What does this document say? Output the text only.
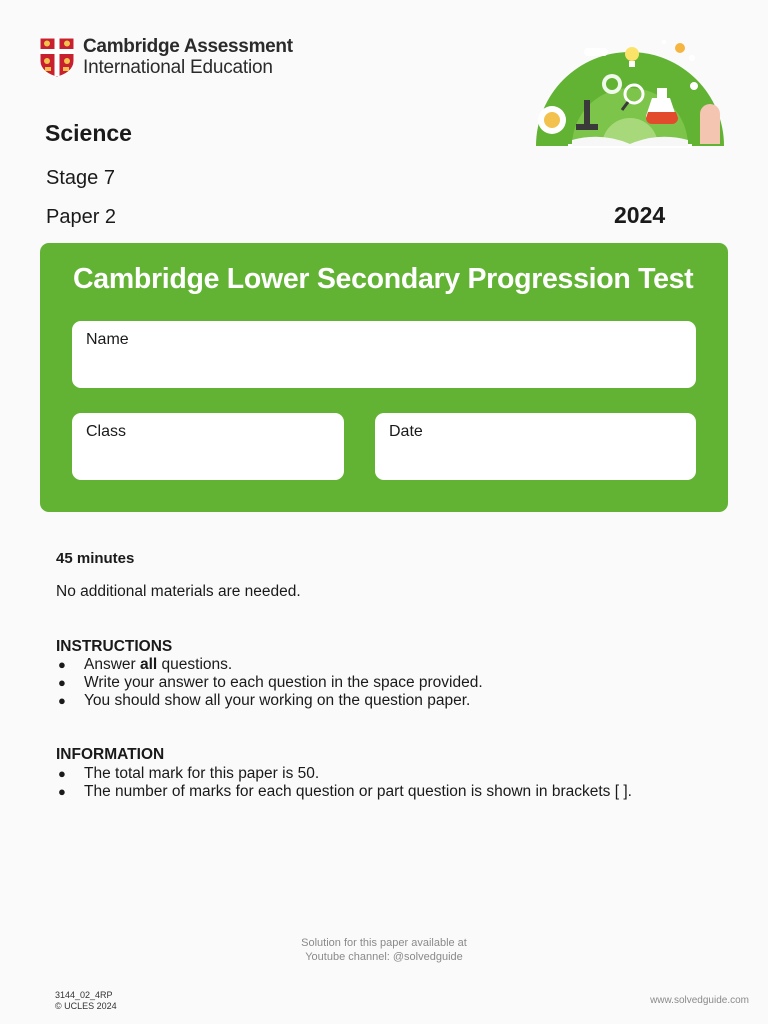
Cambridge Assessment
International Education
Science
Stage 7
Paper 2	2024
Cambridge Lower Secondary Progression Test
Name
Class	Date
45 minutes
No additional materials are needed.
INSTRUCTIONS
● Answer all questions.
● Write your answer to each question in the space provided.
● You should show all your working on the question paper.
INFORMATION
● The total mark for this paper is 50.
● The number of marks for each question or part question is shown in brackets [ ].
Solution for this paper available at
Youtube channel: @solvedguide
3144_02_4RP
© UCLES 2024	www.solvedguide.com
